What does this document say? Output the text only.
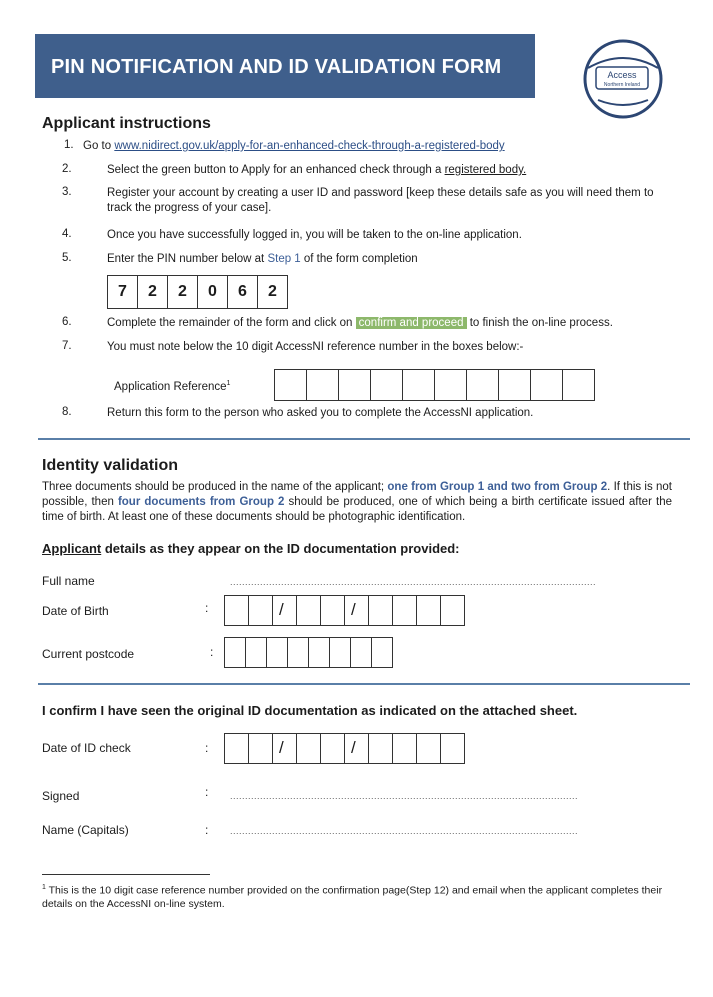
PIN NOTIFICATION AND ID VALIDATION FORM	Access
Northern Ireland
Applicant instructions
1. Go to www.nidirect.gov.uk/apply-for-an-enhanced-check-through-a-registered-body
2.	Select the green button to Apply for an enhanced check through a registered body.
3.	Register your account by creating a user ID and password [keep these details safe as you will need them to track the progress of your case].
4.	Once you have successfully logged in, you will be taken to the on-line application.
5.	Enter the PIN number below at Step 1 of the form completion
7	2	2	0	6	2
6.	Complete the remainder of the form and click on confirm and proceed to finish the on-line process.
7.	You must note below the 10 digit AccessNI reference number in the boxes below:-
Application Reference$^1$
8.	Return this form to the person who asked you to complete the AccessNI application.
Identity validation
Three documents should be produced in the name of the applicant; one from Group 1 and two from Group 2. If this is not possible, then four documents from Group 2 should be produced, one of which being a birth certificate issued after the time of birth. At least one of these documents should be photographic identification.
Applicant details as they appear on the ID documentation provided:
Full name	..........................................................................................................................
Date of Birth	:	/	/
Current postcode	:
I confirm I have seen the original ID documentation as indicated on the attached sheet.
Date of ID check	:	/	/
Signed	: ....................................................................................................................
Name (Capitals)	: ....................................................................................................................
$^1$ This is the 10 digit case reference number provided on the confirmation page(Step 12) and email when the applicant completes their details on the AccessNI on-line system.
